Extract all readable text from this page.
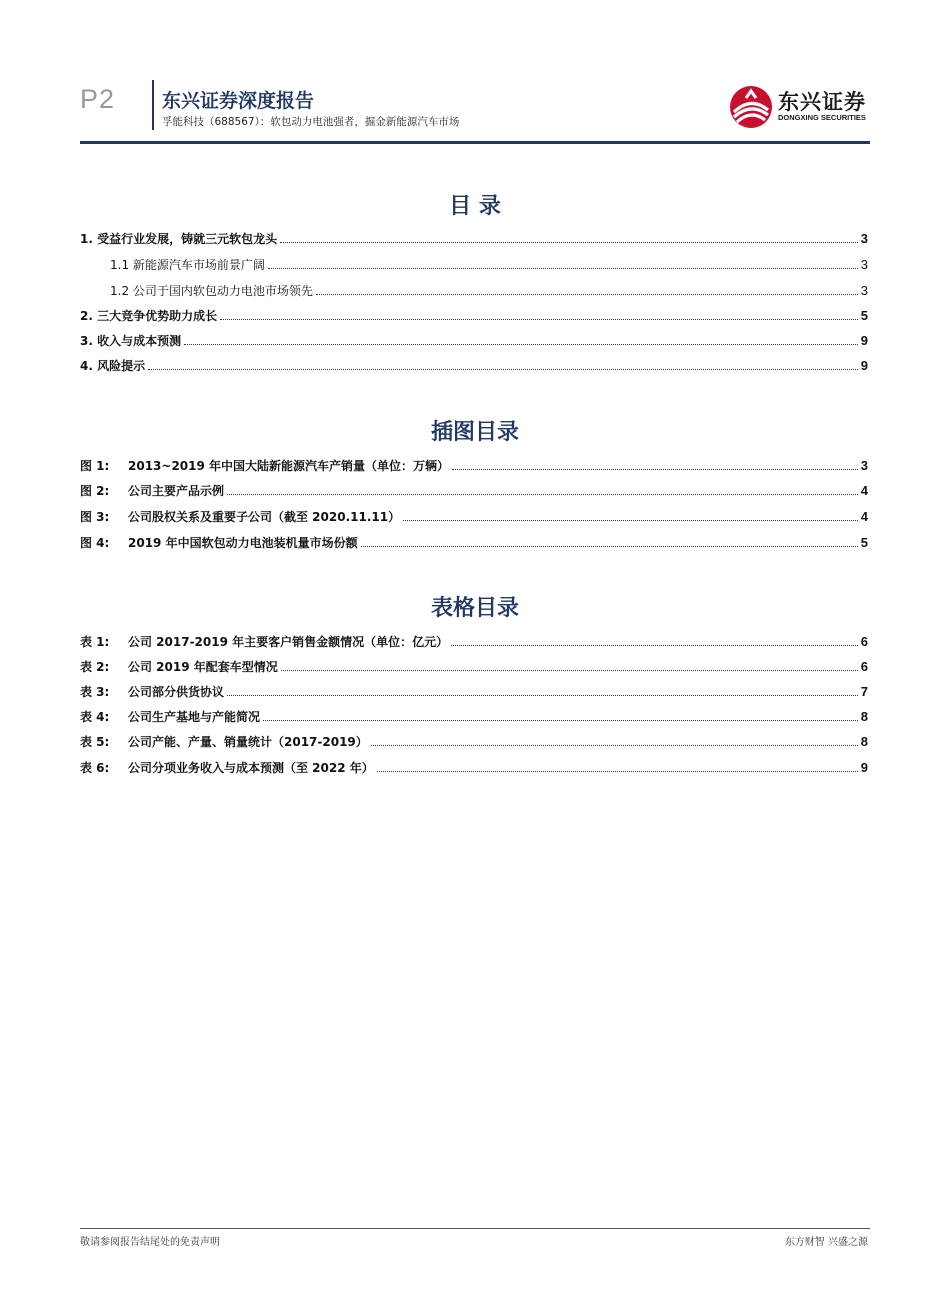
P2 东兴证券深度报告
孚能科技（688567）：软包动力电池强者，掘金新能源汽车市场
东兴证券
DONGXING SECURITIES
目 录
1. 受益行业发展，铸就三元软包龙头	3
1.1 新能源汽车市场前景广阔	3
1.2 公司于国内软包动力电池市场领先	3
2. 三大竞争优势助力成长	5
3. 收入与成本预测	9
4. 风险提示	9
插图目录
图 1:	2013~2019 年中国大陆新能源汽车产销量（单位：万辆）	3
图 2:	公司主要产品示例	4
图 3:	公司股权关系及重要子公司（截至 2020.11.11）	4
图 4:	2019 年中国软包动力电池装机量市场份额	5
表格目录
表 1:	公司 2017-2019 年主要客户销售金额情况（单位：亿元）	6
表 2:	公司 2019 年配套车型情况	6
表 3:	公司部分供货协议	7
表 4:	公司生产基地与产能简况	8
表 5:	公司产能、产量、销量统计（2017-2019）	8
表 6:	公司分项业务收入与成本预测（至 2022 年）	9
敬请参阅报告结尾处的免责声明	东方财智 兴盛之源
